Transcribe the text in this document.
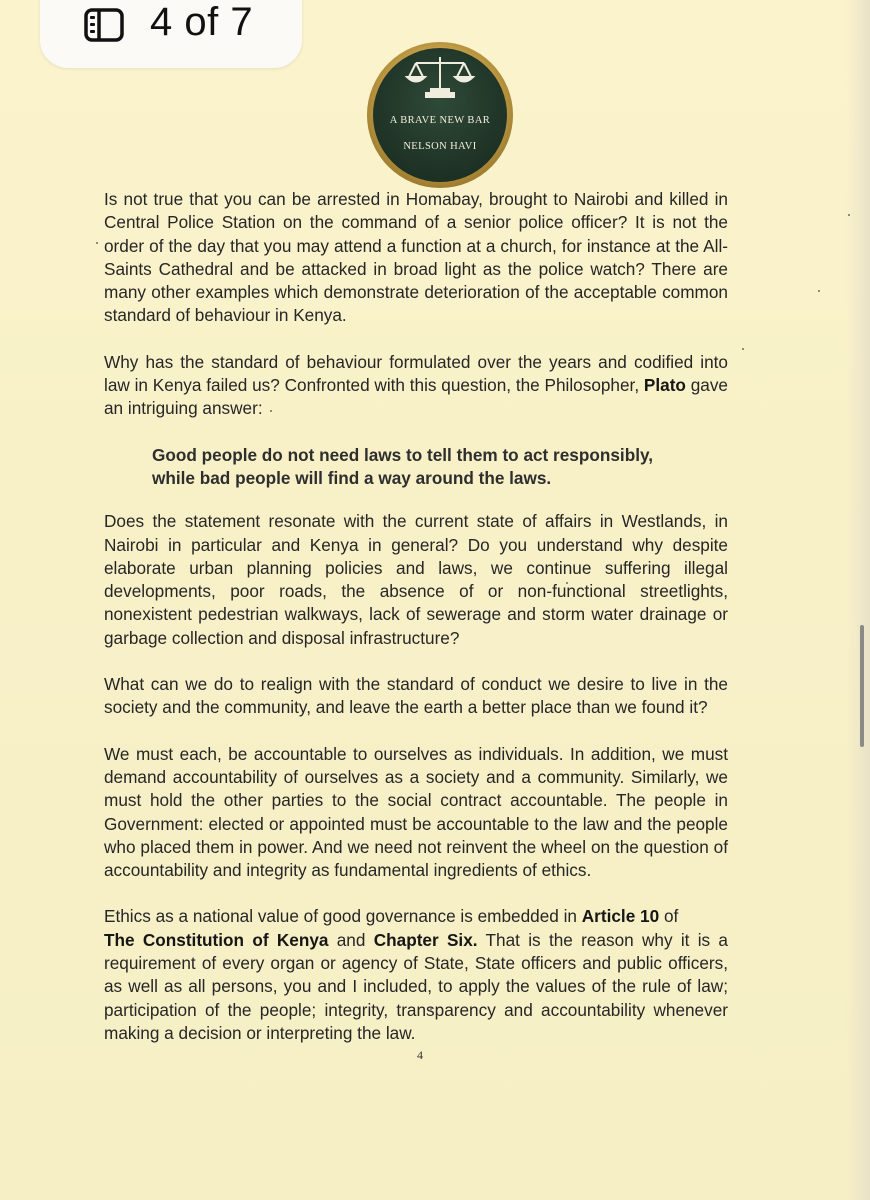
A BRAVE NEW BAR
NELSON HAVI

Is not true that you can be arrested in Homabay, brought to Nairobi and killed in Central Police Station on the command of a senior police officer? It is not the order of the day that you may attend a function at a church, for instance at the All-Saints Cathedral and be attacked in broad light as the police watch? There are many other examples which demonstrate deterioration of the acceptable common standard of behaviour in Kenya.

Why has the standard of behaviour formulated over the years and codified into law in Kenya failed us? Confronted with this question, the Philosopher, Plato gave an intriguing answer:

Good people do not need laws to tell them to act responsibly,
while bad people will find a way around the laws.

Does the statement resonate with the current state of affairs in Westlands, in Nairobi in particular and Kenya in general? Do you understand why despite elaborate urban planning policies and laws, we continue suffering illegal developments, poor roads, the absence of or non-functional streetlights, nonexistent pedestrian walkways, lack of sewerage and storm water drainage or garbage collection and disposal infrastructure?

What can we do to realign with the standard of conduct we desire to live in the society and the community, and leave the earth a better place than we found it?

We must each, be accountable to ourselves as individuals. In addition, we must demand accountability of ourselves as a society and a community. Similarly, we must hold the other parties to the social contract accountable. The people in Government: elected or appointed must be accountable to the law and the people who placed them in power. And we need not reinvent the wheel on the question of accountability and integrity as fundamental ingredients of ethics.

Ethics as a national value of good governance is embedded in Article 10 of
The Constitution of Kenya and Chapter Six. That is the reason why it is a requirement of every organ or agency of State, State officers and public officers, as well as all persons, you and I included, to apply the values of the rule of law; participation of the people; integrity, transparency and accountability whenever making a decision or interpreting the law.

4
4 of 7
